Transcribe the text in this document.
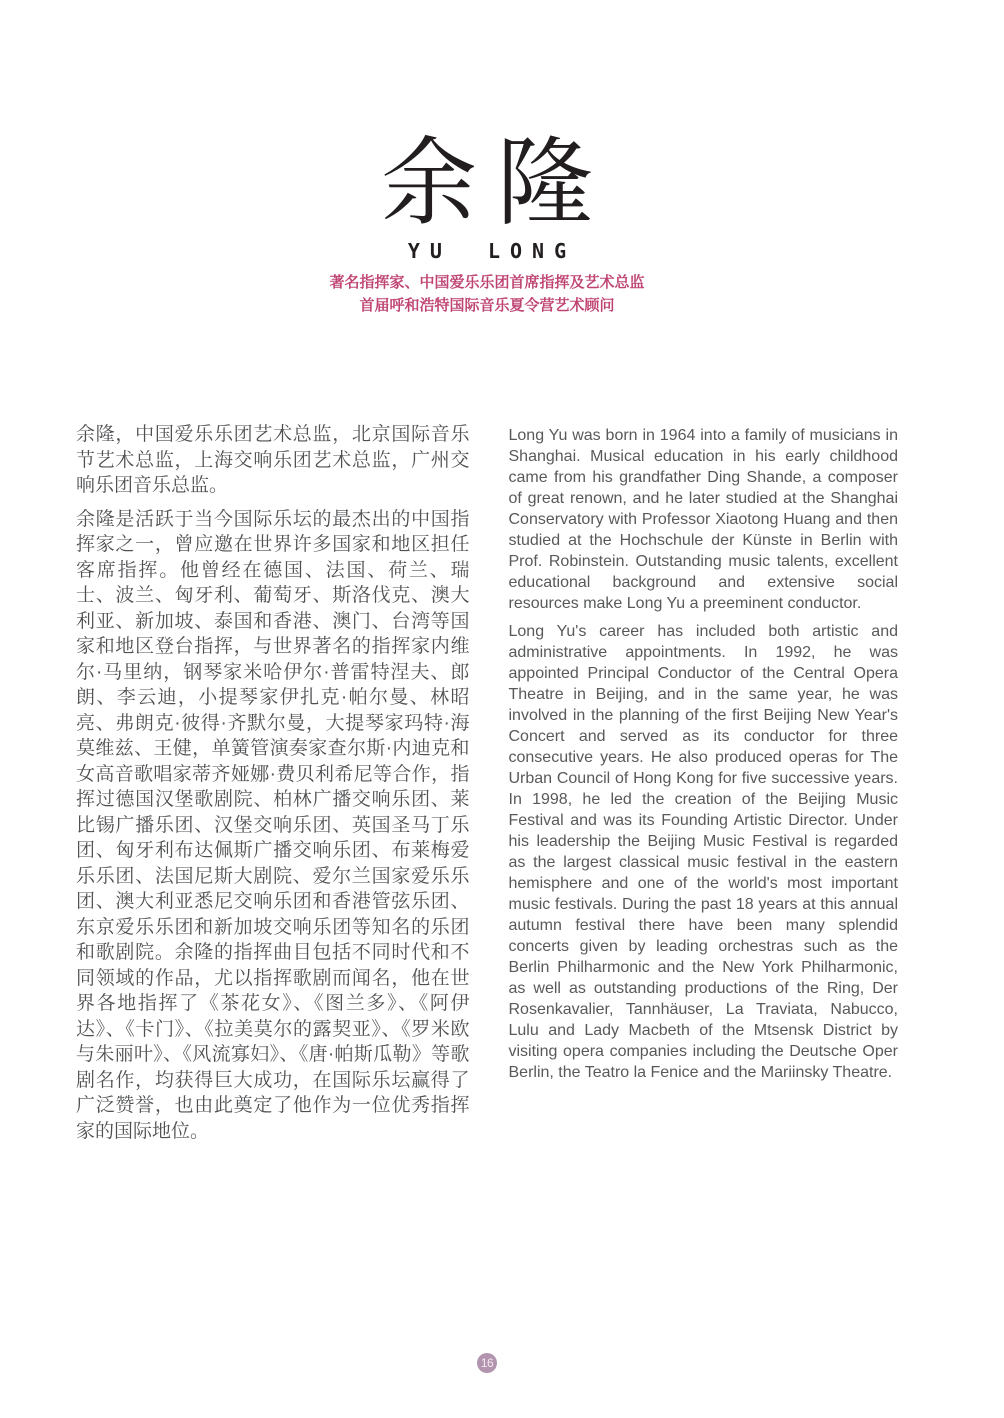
余隆
YU LONG
著名指挥家、中国爱乐乐团首席指挥及艺术总监
首届呼和浩特国际音乐夏令营艺术顾问

余隆，中国爱乐乐团艺术总监，北京国际音乐节艺术总监，上海交响乐团艺术总监，广州交响乐团音乐总监。

余隆是活跃于当今国际乐坛的最杰出的中国指挥家之一，曾应邀在世界许多国家和地区担任客席指挥。他曾经在德国、法国、荷兰、瑞士、波兰、匈牙利、葡萄牙、斯洛伐克、澳大利亚、新加坡、泰国和香港、澳门、台湾等国家和地区登台指挥，与世界著名的指挥家内维尔·马里纳，钢琴家米哈伊尔·普雷特涅夫、郎朗、李云迪，小提琴家伊扎克·帕尔曼、林昭亮、弗朗克·彼得·齐默尔曼，大提琴家玛特·海莫维兹、王健，单簧管演奏家查尔斯·内迪克和女高音歌唱家蒂齐娅娜·费贝利希尼等合作，指挥过德国汉堡歌剧院、柏林广播交响乐团、莱比锡广播乐团、汉堡交响乐团、英国圣马丁乐团、匈牙利布达佩斯广播交响乐团、布莱梅爱乐乐团、法国尼斯大剧院、爱尔兰国家爱乐乐团、澳大利亚悉尼交响乐团和香港管弦乐团、东京爱乐乐团和新加坡交响乐团等知名的乐团和歌剧院。余隆的指挥曲目包括不同时代和不同领域的作品，尤以指挥歌剧而闻名，他在世界各地指挥了《茶花女》、《图兰多》、《阿伊达》、《卡门》、《拉美莫尔的露契亚》、《罗米欧与朱丽叶》、《风流寡妇》、《唐·帕斯瓜勒》等歌剧名作，均获得巨大成功，在国际乐坛赢得了广泛赞誉，也由此奠定了他作为一位优秀指挥家的国际地位。

Long Yu was born in 1964 into a family of musicians in Shanghai. Musical education in his early childhood came from his grandfather Ding Shande, a composer of great renown, and he later studied at the Shanghai Conservatory with Professor Xiaotong Huang and then studied at the Hochschule der Künste in Berlin with Prof. Robinstein. Outstanding music talents, excellent educational background and extensive social resources make Long Yu a preeminent conductor.

Long Yu's career has included both artistic and administrative appointments. In 1992, he was appointed Principal Conductor of the Central Opera Theatre in Beijing, and in the same year, he was involved in the planning of the first Beijing New Year's Concert and served as its conductor for three consecutive years. He also produced operas for The Urban Council of Hong Kong for five successive years. In 1998, he led the creation of the Beijing Music Festival and was its Founding Artistic Director. Under his leadership the Beijing Music Festival is regarded as the largest classical music festival in the eastern hemisphere and one of the world's most important music festivals. During the past 18 years at this annual autumn festival there have been many splendid concerts given by leading orchestras such as the Berlin Philharmonic and the New York Philharmonic, as well as outstanding productions of the Ring, Der Rosenkavalier, Tannhäuser, La Traviata, Nabucco, Lulu and Lady Macbeth of the Mtsensk District by visiting opera companies including the Deutsche Oper Berlin, the Teatro la Fenice and the Mariinsky Theatre.

16
